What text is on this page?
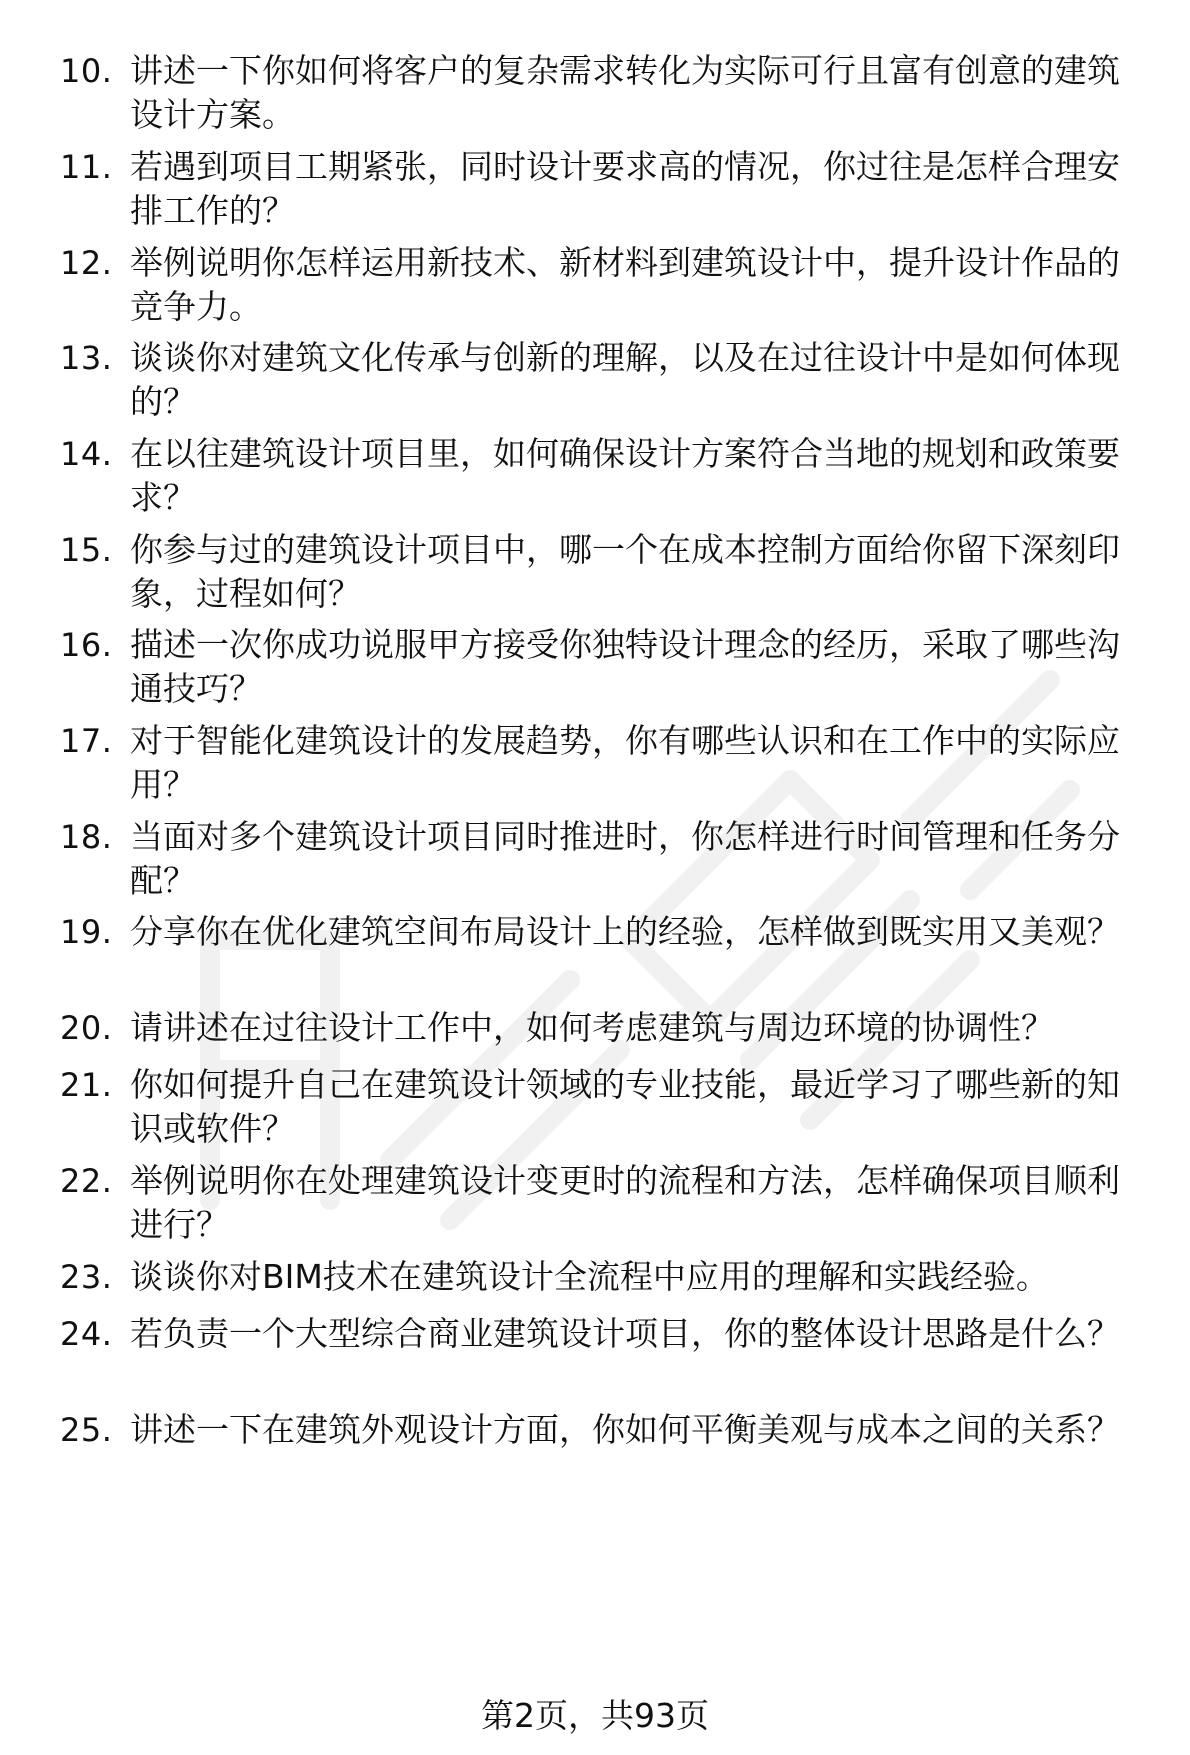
10. 讲述一下你如何将客户的复杂需求转化为实际可行且富有创意的建筑设计方案。
11. 若遇到项目工期紧张，同时设计要求高的情况，你过往是怎样合理安排工作的？
12. 举例说明你怎样运用新技术、新材料到建筑设计中，提升设计作品的竞争力。
13. 谈谈你对建筑文化传承与创新的理解，以及在过往设计中是如何体现的？
14. 在以往建筑设计项目里，如何确保设计方案符合当地的规划和政策要求？
15. 你参与过的建筑设计项目中，哪一个在成本控制方面给你留下深刻印象，过程如何？
16. 描述一次你成功说服甲方接受你独特设计理念的经历，采取了哪些沟通技巧？
17. 对于智能化建筑设计的发展趋势，你有哪些认识和在工作中的实际应用？
18. 当面对多个建筑设计项目同时推进时，你怎样进行时间管理和任务分配？
19. 分享你在优化建筑空间布局设计上的经验，怎样做到既实用又美观？
20. 请讲述在过往设计工作中，如何考虑建筑与周边环境的协调性？
21. 你如何提升自己在建筑设计领域的专业技能，最近学习了哪些新的知识或软件？
22. 举例说明你在处理建筑设计变更时的流程和方法，怎样确保项目顺利进行？
23. 谈谈你对BIM技术在建筑设计全流程中应用的理解和实践经验。
24. 若负责一个大型综合商业建筑设计项目，你的整体设计思路是什么？
25. 讲述一下在建筑外观设计方面，你如何平衡美观与成本之间的关系？
第2页，共93页
